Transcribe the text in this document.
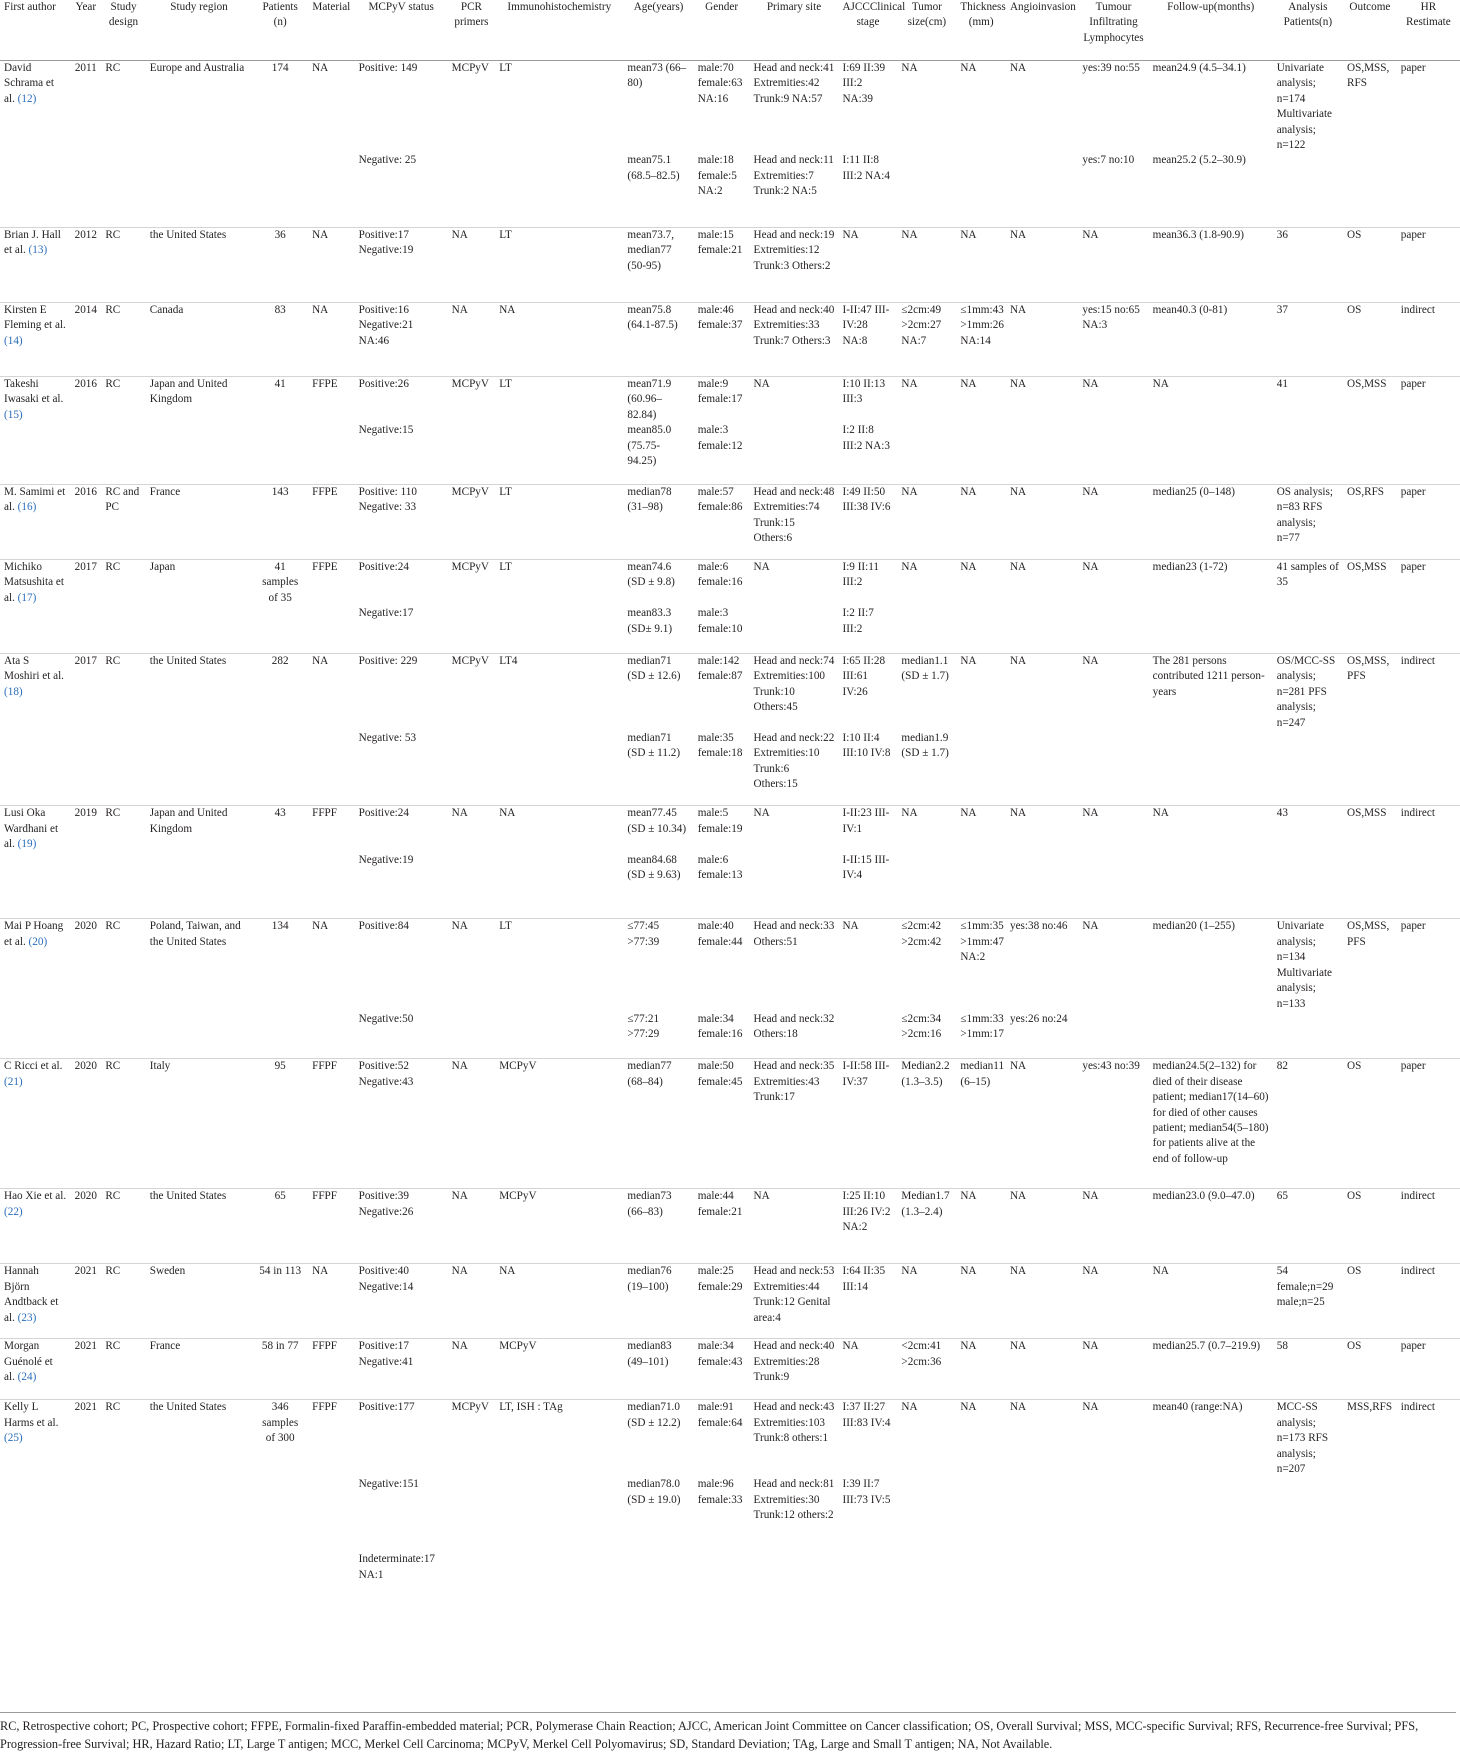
First author	Year	Study design	Study region	Patients (n)	Material	MCPyV status	PCR primers	Immunohistochemistry	Age(years)	Gender	Primary site	AJCCClinical stage	Tumor size(cm)	Thickness (mm)	Angioinvasion	Tumour Infiltrating Lymphocytes	Follow-up(months)	Analysis Patients(n)	Outcome	HR Restimate
David Schrama et al. (12)	2011	RC	Europe and Australia	174	NA	Positive: 149	MCPyV	LT	mean73 (66–80)	male:70 female:63 NA:16	Head and neck:41 Extremities:42 Trunk:9 NA:57	I:69 II:39 III:2 NA:39	NA	NA	NA	yes:39 no:55	mean24.9 (4.5–34.1)	Univariate analysis; n=174 Multivariate analysis; n=122	OS,MSS, RFS	paper
						Negative: 25			mean75.1 (68.5–82.5)	male:18 female:5 NA:2	Head and neck:11 Extremities:7 Trunk:2 NA:5	I:11 II:8 III:2 NA:4				yes:7 no:10	mean25.2 (5.2–30.9)			
Brian J. Hall et al. (13)	2012	RC	the United States	36	NA	Positive:17 Negative:19	NA	LT	mean73.7, median77 (50-95)	male:15 female:21	Head and neck:19 Extremities:12 Trunk:3 Others:2	NA	NA	NA	NA	NA	mean36.3 (1.8-90.9)	36	OS	paper
Kirsten E Fleming et al. (14)	2014	RC	Canada	83	NA	Positive:16 Negative:21 NA:46	NA	NA	mean75.8 (64.1-87.5)	male:46 female:37	Head and neck:40 Extremities:33 Trunk:7 Others:3	I-II:47 III-IV:28 NA:8	≤2cm:49 >2cm:27 NA:7	≤1mm:43 >1mm:26 NA:14	NA	yes:15 no:65 NA:3	mean40.3 (0-81)	37	OS	indirect
Takeshi Iwasaki et al. (15)	2016	RC	Japan and United Kingdom	41	FFPE	Positive:26	MCPyV	LT	mean71.9 (60.96– 82.84)	male:9 female:17	NA	I:10 II:13 III:3	NA	NA	NA	NA	NA	41	OS,MSS	paper
						Negative:15			mean85.0 (75.75- 94.25)	male:3 female:12		I:2 II:8 III:2 NA:3								
M. Samimi et al. (16)	2016	RC and PC	France	143	FFPE	Positive: 110 Negative: 33	MCPyV	LT	median78 (31–98)	male:57 female:86	Head and neck:48 Extremities:74 Trunk:15 Others:6	I:49 II:50 III:38 IV:6	NA	NA	NA	NA	median25 (0–148)	OS analysis; n=83 RFS analysis; n=77	OS,RFS	paper
Michiko Matsushita et al. (17)	2017	RC	Japan	41 samples of 35	FFPE	Positive:24	MCPyV	LT	mean74.6 (SD ± 9.8)	male:6 female:16	NA	I:9 II:11 III:2	NA	NA	NA	NA	median23 (1-72)	41 samples of 35	OS,MSS	paper
						Negative:17			mean83.3 (SD± 9.1)	male:3 female:10		I:2 II:7 III:2								
Ata S Moshiri et al. (18)	2017	RC	the United States	282	NA	Positive: 229	MCPyV	LT4	median71 (SD ± 12.6)	male:142 female:87	Head and neck:74 Extremities:100 Trunk:10 Others:45	I:65 II:28 III:61 IV:26	median1.1 (SD ± 1.7)	NA	NA	NA	The 281 persons contributed 1211 person-years	OS/MCC-SS analysis; n=281 PFS analysis; n=247	OS,MSS, PFS	indirect
						Negative: 53			median71 (SD ± 11.2)	male:35 female:18	Head and neck:22 Extremities:10 Trunk:6 Others:15	I:10 II:4 III:10 IV:8	median1.9 (SD ± 1.7)							
Lusi Oka Wardhani et al. (19)	2019	RC	Japan and United Kingdom	43	FFPF	Positive:24	NA	NA	mean77.45 (SD ± 10.34)	male:5 female:19	NA	I-II:23 III-IV:1	NA	NA	NA	NA	NA	43	OS,MSS	indirect
						Negative:19			mean84.68 (SD ± 9.63)	male:6 female:13		I-II:15 III-IV:4								
Mai P Hoang et al. (20)	2020	RC	Poland, Taiwan, and the United States	134	NA	Positive:84	NA	LT	≤77:45 >77:39	male:40 female:44	Head and neck:33 Others:51	NA	≤2cm:42 >2cm:42	≤1mm:35 >1mm:47 NA:2	yes:38 no:46	NA	median20 (1–255)	Univariate analysis; n=134 Multivariate analysis; n=133	OS,MSS, PFS	paper
						Negative:50			≤77:21 >77:29	male:34 female:16	Head and neck:32 Others:18		≤2cm:34 >2cm:16	≤1mm:33 >1mm:17	yes:26 no:24					
C Ricci et al. (21)	2020	RC	Italy	95	FFPF	Positive:52 Negative:43	NA	MCPyV	median77 (68–84)	male:50 female:45	Head and neck:35 Extremities:43 Trunk:17	I-II:58 III-IV:37	Median2.2 (1.3–3.5)	median11 (6–15)	NA	yes:43 no:39	median24.5(2–132) for died of their disease patient; median17(14–60) for died of other causes patient; median54(5–180) for patients alive at the end of follow-up	82	OS	paper
Hao Xie et al. (22)	2020	RC	the United States	65	FFPF	Positive:39 Negative:26	NA	MCPyV	median73 (66–83)	male:44 female:21	NA	I:25 II:10 III:26 IV:2 NA:2	Median1.7 (1.3–2.4)	NA	NA	NA	median23.0 (9.0–47.0)	65	OS	indirect
Hannah Björn Andtback et al. (23)	2021	RC	Sweden	54 in 113	NA	Positive:40 Negative:14	NA	NA	median76 (19–100)	male:25 female:29	Head and neck:53 Extremities:44 Trunk:12 Genital area:4	I:64 II:35 III:14	NA	NA	NA	NA	NA	54 female;n=29 male;n=25	OS	indirect
Morgan Guénolé et al. (24)	2021	RC	France	58 in 77	FFPF	Positive:17 Negative:41	NA	MCPyV	median83 (49–101)	male:34 female:43	Head and neck:40 Extremities:28 Trunk:9	NA	<2cm:41 >2cm:36	NA	NA	NA	median25.7 (0.7–219.9)	58	OS	paper
Kelly L Harms et al. (25)	2021	RC	the United States	346 samples of 300	FFPF	Positive:177	MCPyV	LT, ISH : TAg	median71.0 (SD ± 12.2)	male:91 female:64	Head and neck:43 Extremities:103 Trunk:8 others:1	I:37 II:27 III:83 IV:4	NA	NA	NA	NA	mean40 (range:NA)	MCC-SS analysis; n=173 RFS analysis; n=207	MSS,RFS	indirect
						Negative:151			median78.0 (SD ± 19.0)	male:96 female:33	Head and neck:81 Extremities:30 Trunk:12 others:2	I:39 II:7 III:73 IV:5								
						Indeterminate:17 NA:1														
RC, Retrospective cohort; PC, Prospective cohort; FFPE, Formalin-fixed Paraffin-embedded material; PCR, Polymerase Chain Reaction; AJCC, American Joint Committee on Cancer classification; OS, Overall Survival; MSS, MCC-specific Survival; RFS, Recurrence-free Survival; PFS, Progression-free Survival; HR, Hazard Ratio; LT, Large T antigen; MCC, Merkel Cell Carcinoma; MCPyV, Merkel Cell Polyomavirus; SD, Standard Deviation; TAg, Large and Small T antigen; NA, Not Available.
